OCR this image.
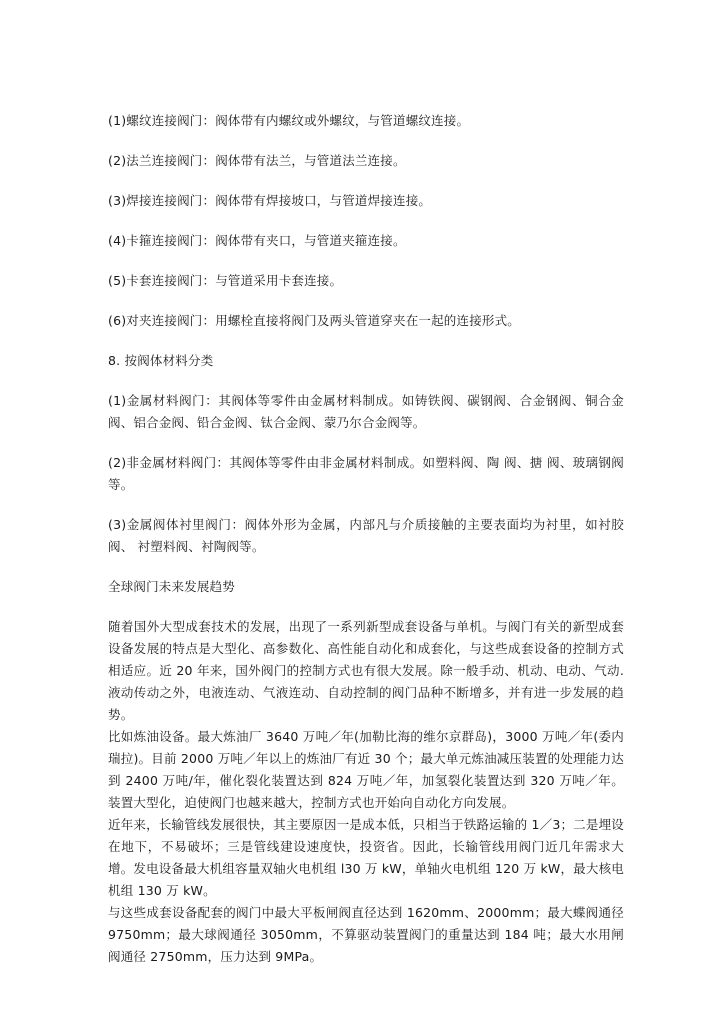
(1)螺纹连接阀门：阀体带有内螺纹或外螺纹，与管道螺纹连接。

(2)法兰连接阀门：阀体带有法兰，与管道法兰连接。

(3)焊接连接阀门：阀体带有焊接坡口，与管道焊接连接。

(4)卡箍连接阀门：阀体带有夹口，与管道夹箍连接。

(5)卡套连接阀门：与管道采用卡套连接。

(6)对夹连接阀门：用螺栓直接将阀门及两头管道穿夹在一起的连接形式。

8. 按阀体材料分类

(1)金属材料阀门：其阀体等零件由金属材料制成。如铸铁阀、碳钢阀、合金钢阀、铜合金阀、铝合金阀、铅合金阀、钛合金阀、蒙乃尔合金阀等。

(2)非金属材料阀门：其阀体等零件由非金属材料制成。如塑料阀、陶 阀、搪 阀、玻璃钢阀等。

(3)金属阀体衬里阀门：阀体外形为金属，内部凡与介质接触的主要表面均为衬里，如衬胶阀、 衬塑料阀、衬陶阀等。

全球阀门未来发展趋势

随着国外大型成套技术的发展，出现了一系列新型成套设备与单机。与阀门有关的新型成套设备发展的特点是大型化、高参数化、高性能自动化和成套化，与这些成套设备的控制方式相适应。近 20 年来，国外阀门的控制方式也有很大发展。除一般手动、机动、电动、气动.液动传动之外，电液连动、气液连动、自动控制的阀门品种不断增多，并有进一步发展的趋势。

比如炼油设备。最大炼油厂 3640 万吨／年(加勒比海的维尔京群岛)，3000 万吨／年(委内瑞拉)。目前 2000 万吨／年以上的炼油厂有近 30 个；最大单元炼油减压装置的处理能力达到 2400 万吨/年，催化裂化装置达到 824 万吨／年，加氢裂化装置达到 320 万吨／年。装置大型化，迫使阀门也越来越大，控制方式也开始向自动化方向发展。

近年来，长输管线发展很快，其主要原因一是成本低，只相当于铁路运输的 1／3；二是埋设在地下，不易破坏；三是管线建设速度快，投资省。因此，长输管线用阀门近几年需求大增。发电设备最大机组容量双轴火电机组 l30 万 kW，单轴火电机组 120 万 kW，最大核电机组 130 万 kW。

与这些成套设备配套的阀门中最大平板闸阀直径达到 1620mm、2000mm；最大蝶阀通径9750mm；最大球阀通径 3050mm，不算驱动装置阀门的重量达到 184 吨；最大水用闸阀通径 2750mm，压力达到 9MPa。
